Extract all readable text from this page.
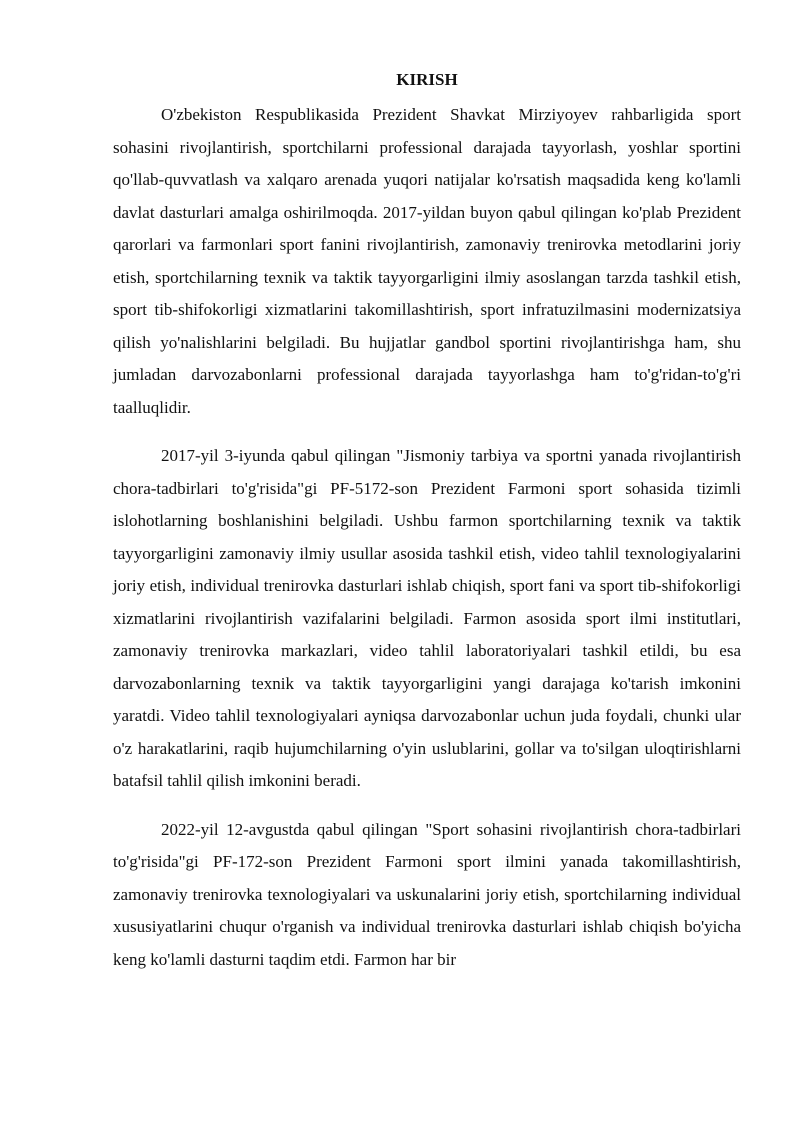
KIRISH

O'zbekiston Respublikasida Prezident Shavkat Mirziyoyev rahbarligida sport sohasini rivojlantirish, sportchilarni professional darajada tayyorlash, yoshlar sportini qo'llab-quvvatlash va xalqaro arenada yuqori natijalar ko'rsatish maqsadida keng ko'lamli davlat dasturlari amalga oshirilmoqda. 2017-yildan buyon qabul qilingan ko'plab Prezident qarorlari va farmonlari sport fanini rivojlantirish, zamonaviy trenirovka metodlarini joriy etish, sportchilarning texnik va taktik tayyorgarligini ilmiy asoslangan tarzda tashkil etish, sport tib-shifokorligi xizmatlarini takomillashtirish, sport infratuzilmasini modernizatsiya qilish yo'nalishlarini belgiladi. Bu hujjatlar gandbol sportini rivojlantirishga ham, shu jumladan darvozabonlarni professional darajada tayyorlashga ham to'g'ridan-to'g'ri taalluqlidir.

2017-yil 3-iyunda qabul qilingan "Jismoniy tarbiya va sportni yanada rivojlantirish chora-tadbirlari to'g'risida"gi PF-5172-son Prezident Farmoni sport sohasida tizimli islohotlarning boshlanishini belgiladi. Ushbu farmon sportchilarning texnik va taktik tayyorgarligini zamonaviy ilmiy usullar asosida tashkil etish, video tahlil texnologiyalarini joriy etish, individual trenirovka dasturlari ishlab chiqish, sport fani va sport tib-shifokorligi xizmatlarini rivojlantirish vazifalarini belgiladi. Farmon asosida sport ilmi institutlari, zamonaviy trenirovka markazlari, video tahlil laboratoriyalari tashkil etildi, bu esa darvozabonlarning texnik va taktik tayyorgarligini yangi darajaga ko'tarish imkonini yaratdi. Video tahlil texnologiyalari ayniqsa darvozabonlar uchun juda foydali, chunki ular o'z harakatlarini, raqib hujumchilarning o'yin uslublarini, gollar va to'silgan uloqtirishlarni batafsil tahlil qilish imkonini beradi.

2022-yil 12-avgustda qabul qilingan "Sport sohasini rivojlantirish chora-tadbirlari to'g'risida"gi PF-172-son Prezident Farmoni sport ilmini yanada takomillashtirish, zamonaviy trenirovka texnologiyalari va uskunalarini joriy etish, sportchilarning individual xususiyatlarini chuqur o'rganish va individual trenirovka dasturlari ishlab chiqish bo'yicha keng ko'lamli dasturni taqdim etdi. Farmon har bir
